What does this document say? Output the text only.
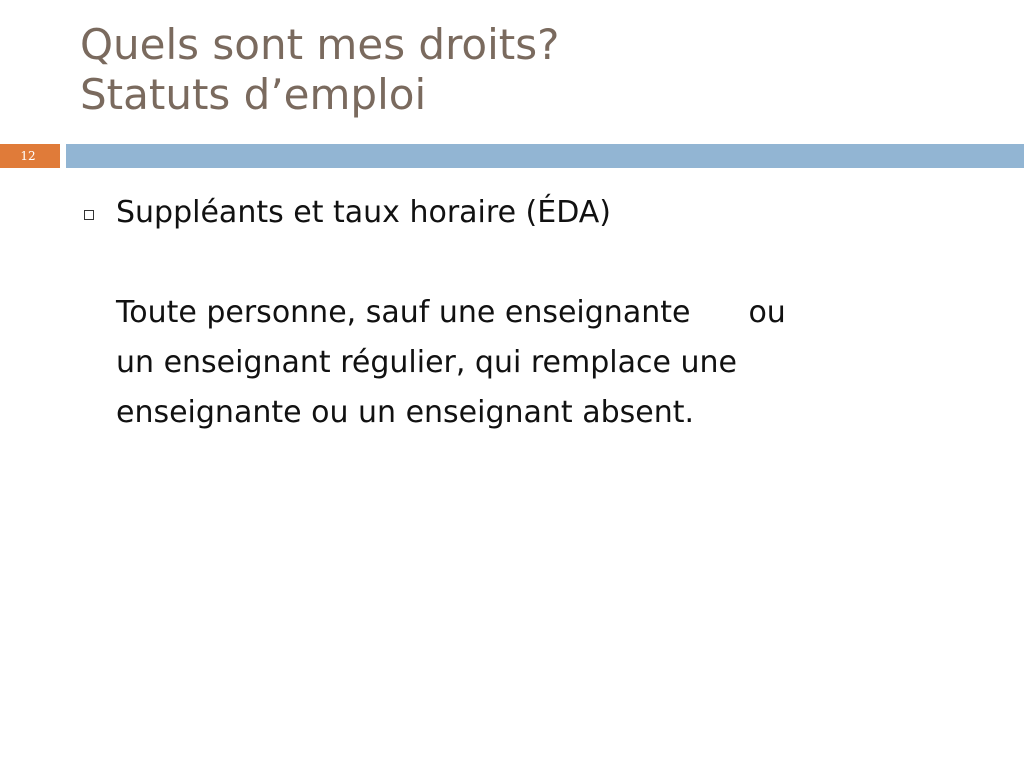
Quels sont mes droits?
Statuts d’emploi
12
Suppléants et taux horaire (ÉDA)
Toute personne, sauf une enseignante ou
un enseignant régulier, qui remplace une
enseignante ou un enseignant absent.
